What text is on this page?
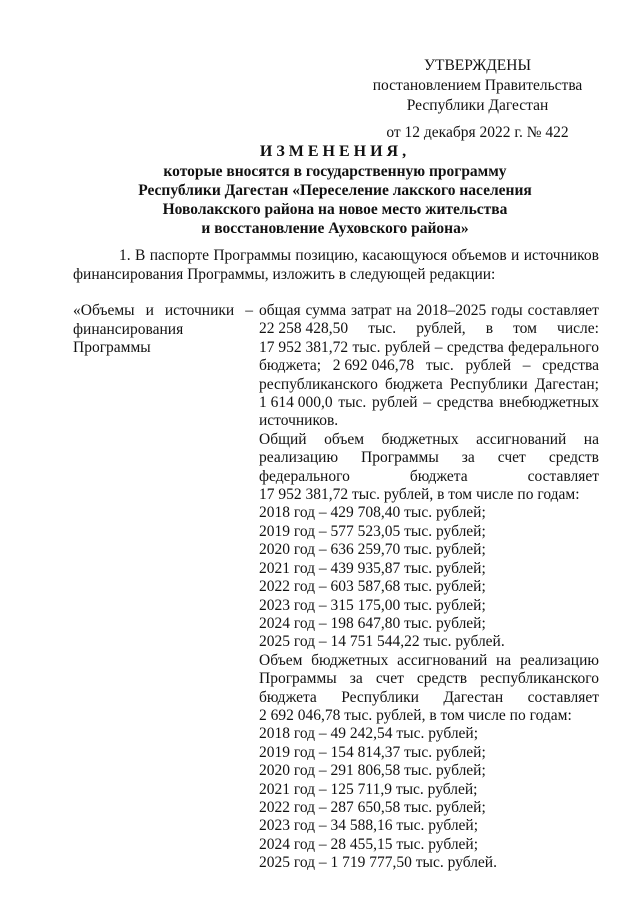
УТВЕРЖДЕНЫ
постановлением Правительства
Республики Дагестан
от 12 декабря 2022 г. № 422
ИЗМЕНЕНИЯ,
которые вносятся в государственную программу
Республики Дагестан «Переселение лакского населения
Новолакского района на новое место жительства
и восстановление Ауховского района»
1. В паспорте Программы позицию, касающуюся объемов и источников финансирования Программы, изложить в следующей редакции:
«Объемы и источники –
финансирования
Программы
общая сумма затрат на 2018–2025 годы составляет
22 258 428,50 тыс. рублей, в том числе:
17 952 381,72 тыс. рублей – средства федерального
бюджета; 2 692 046,78 тыс. рублей – средства
республиканского бюджета Республики Дагестан;
1 614 000,0 тыс. рублей – средства внебюджетных
источников.
Общий объем бюджетных ассигнований на
реализацию Программы за счет средств
федерального	бюджета	составляет
17 952 381,72 тыс. рублей, в том числе по годам:
2018 год – 429 708,40 тыс. рублей;
2019 год – 577 523,05 тыс. рублей;
2020 год – 636 259,70 тыс. рублей;
2021 год – 439 935,87 тыс. рублей;
2022 год – 603 587,68 тыс. рублей;
2023 год – 315 175,00 тыс. рублей;
2024 год – 198 647,80 тыс. рублей;
2025 год – 14 751 544,22 тыс. рублей.
Объем бюджетных ассигнований на реализацию
Программы за счет средств республиканского
бюджета Республики Дагестан составляет
2 692 046,78 тыс. рублей, в том числе по годам:
2018 год – 49 242,54 тыс. рублей;
2019 год – 154 814,37 тыс. рублей;
2020 год – 291 806,58 тыс. рублей;
2021 год – 125 711,9 тыс. рублей;
2022 год – 287 650,58 тыс. рублей;
2023 год – 34 588,16 тыс. рублей;
2024 год – 28 455,15 тыс. рублей;
2025 год – 1 719 777,50 тыс. рублей.
